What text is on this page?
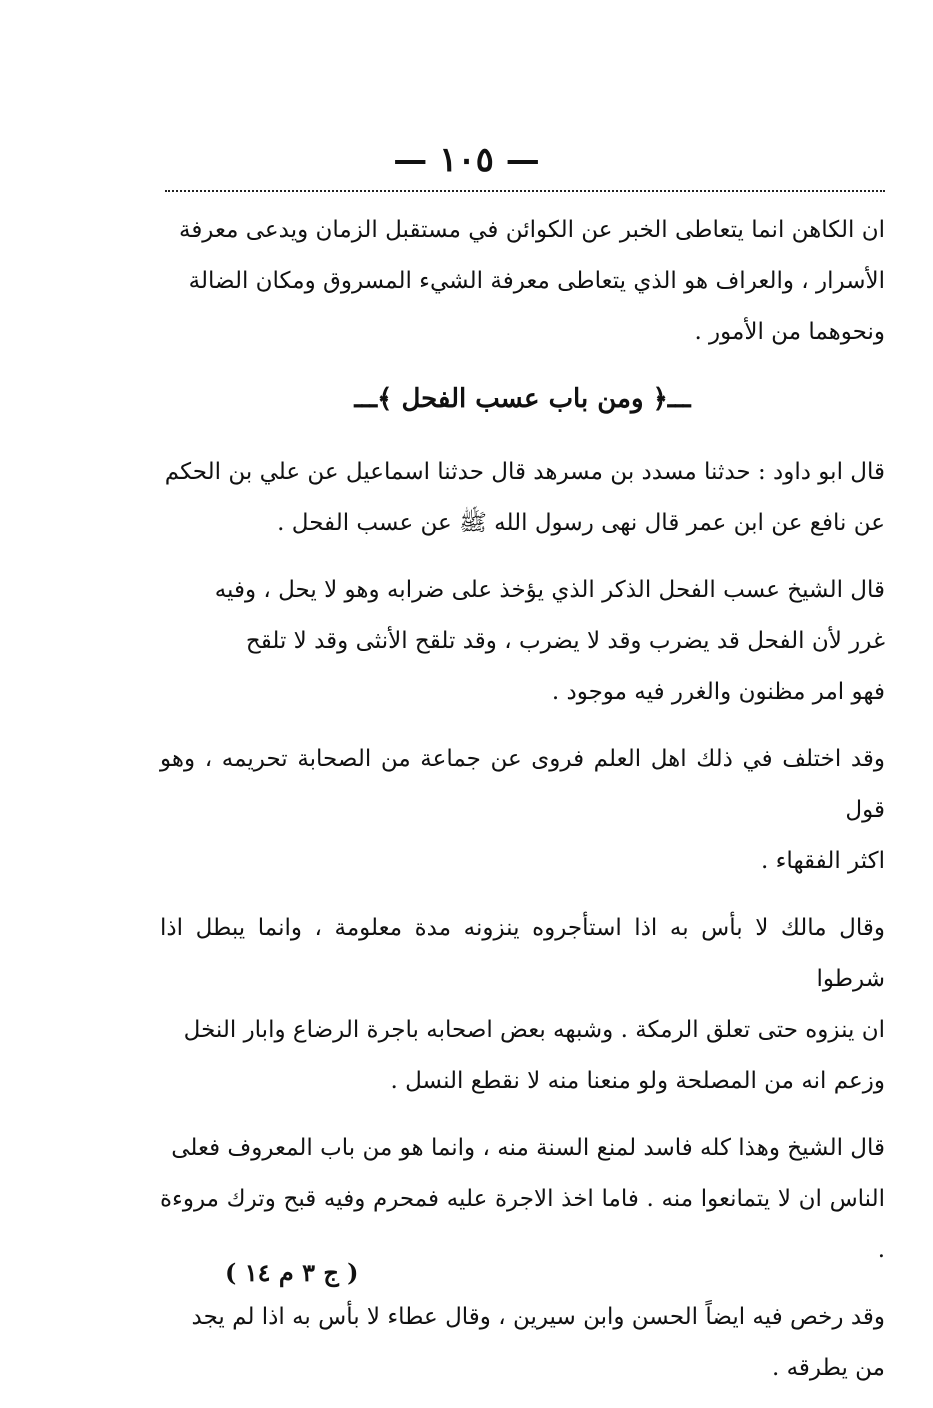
— ١٠٥ —

ان الكاهن انما يتعاطى الخبر عن الكوائن في مستقبل الزمان ويدعى معرفة
الأسرار ، والعراف هو الذي يتعاطى معرفة الشيء المسروق ومكان الضالة
ونحوهما من الأمور .

ـــ﴿ ومن باب عسب الفحل ﴾ـــ

قال ابو داود : حدثنا مسدد بن مسرهد قال حدثنا اسماعيل عن علي بن الحكم
عن نافع عن ابن عمر قال نهى رسول الله ﷺ عن عسب الفحل .

قال الشيخ عسب الفحل الذكر الذي يؤخذ على ضرابه وهو لا يحل ، وفيه
غرر لأن الفحل قد يضرب وقد لا يضرب ، وقد تلقح الأنثى وقد لا تلقح
فهو امر مظنون والغرر فيه موجود .

وقد اختلف في ذلك اهل العلم فروى عن جماعة من الصحابة تحريمه ، وهو قول
اكثر الفقهاء .

وقال مالك لا بأس به اذا استأجروه ينزونه مدة معلومة ، وانما يبطل اذا شرطوا
ان ينزوه حتى تعلق الرمكة . وشبهه بعض اصحابه باجرة الرضاع وابار النخل
وزعم انه من المصلحة ولو منعنا منه لا نقطع النسل .

قال الشيخ وهذا كله فاسد لمنع السنة منه ، وانما هو من باب المعروف فعلى
الناس ان لا يتمانعوا منه . فاما اخذ الاجرة عليه فمحرم وفيه قبح وترك مروءة .

وقد رخص فيه ايضاً الحسن وابن سيرين ، وقال عطاء لا بأس به اذا لم يجد
من يطرقه .

( ج ٣ م ١٤ )
